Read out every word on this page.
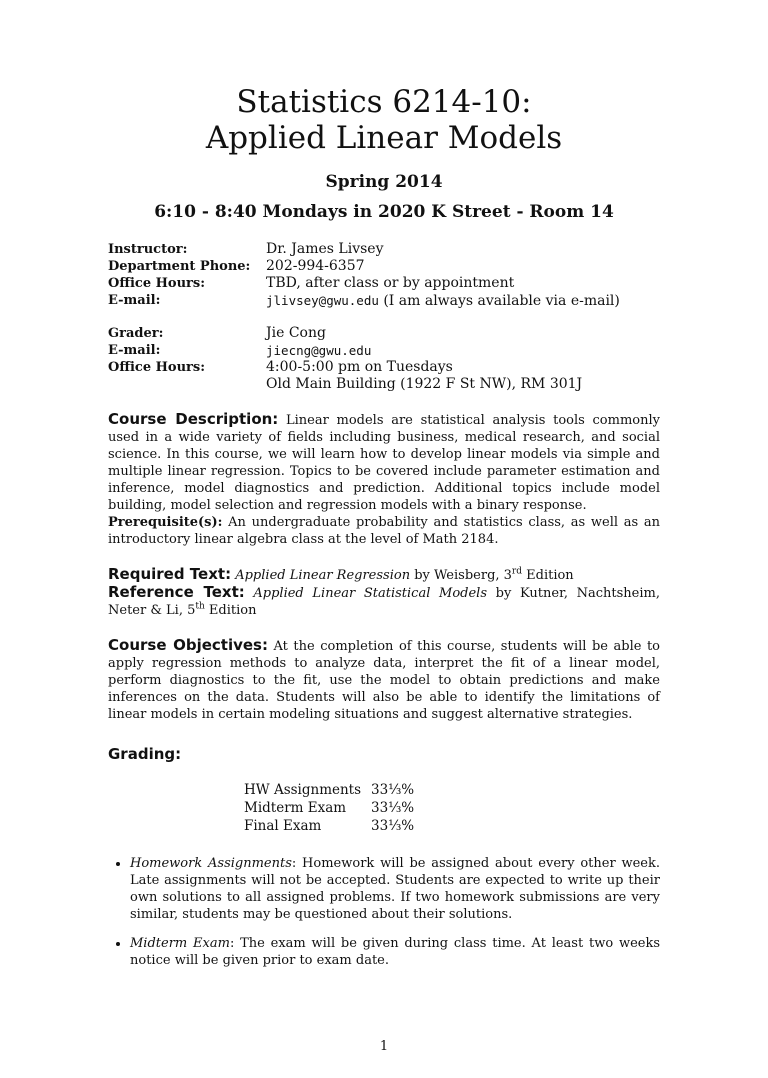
Statistics 6214-10:
Applied Linear Models
Spring 2014
6:10 - 8:40 Mondays in 2020 K Street - Room 14
Instructor:	Dr. James Livsey
Department Phone:	202-994-6357
Office Hours:	TBD, after class or by appointment
E-mail:	jlivsey@gwu.edu (I am always available via e-mail)
Grader:	Jie Cong
E-mail:	jiecng@gwu.edu
Office Hours:	4:00-5:00 pm on Tuesdays
Old Main Building (1922 F St NW), RM 301J
Course Description: Linear models are statistical analysis tools commonly used in a wide variety of fields including business, medical research, and social science. In this course, we will learn how to develop linear models via simple and multiple linear regression. Topics to be covered include parameter estimation and inference, model diagnostics and prediction. Additional topics include model building, model selection and regression models with a binary response.
Prerequisite(s): An undergraduate probability and statistics class, as well as an introductory linear algebra class at the level of Math 2184.
Required Text: Applied Linear Regression by Weisberg, 3rd Edition
Reference Text: Applied Linear Statistical Models by Kutner, Nachtsheim, Neter & Li, 5th Edition
Course Objectives: At the completion of this course, students will be able to apply regression methods to analyze data, interpret the fit of a linear model, perform diagnostics to the fit, use the model to obtain predictions and make inferences on the data. Students will also be able to identify the limitations of linear models in certain modeling situations and suggest alternative strategies.
Grading:
HW Assignments	33⅓%
Midterm Exam	33⅓%
Final Exam	33⅓%
• Homework Assignments: Homework will be assigned about every other week. Late assignments will not be accepted. Students are expected to write up their own solutions to all assigned problems. If two homework submissions are very similar, students may be questioned about their solutions.
• Midterm Exam: The exam will be given during class time. At least two weeks notice will be given prior to exam date.
1
